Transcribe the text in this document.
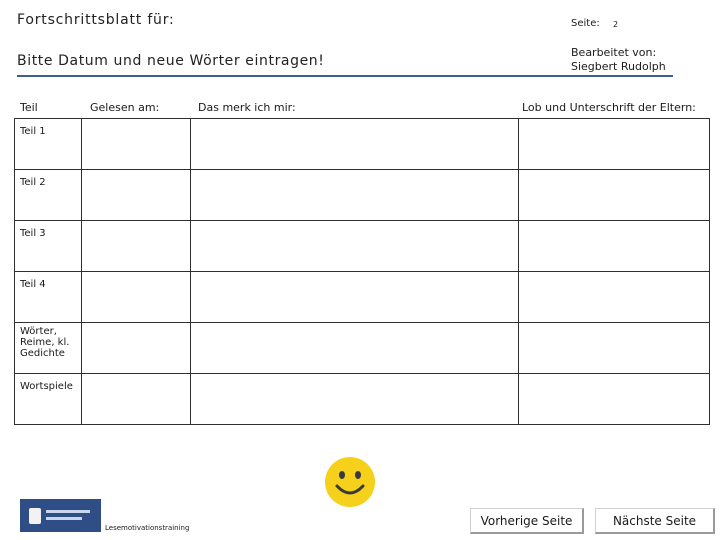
Fortschrittsblatt für:	Seite: 2
Bitte Datum und neue Wörter eintragen!
Bearbeitet von:
Siegbert Rudolph
Teil	Gelesen am:	Das merk ich mir:	Lob und Unterschrift der Eltern:
Teil 1			
Teil 2			
Teil 3			
Teil 4			
Wörter, Reime, kl. Gedichte			
Wortspiele			
Lesemotivationstraining
Vorherige Seite	Nächste Seite
